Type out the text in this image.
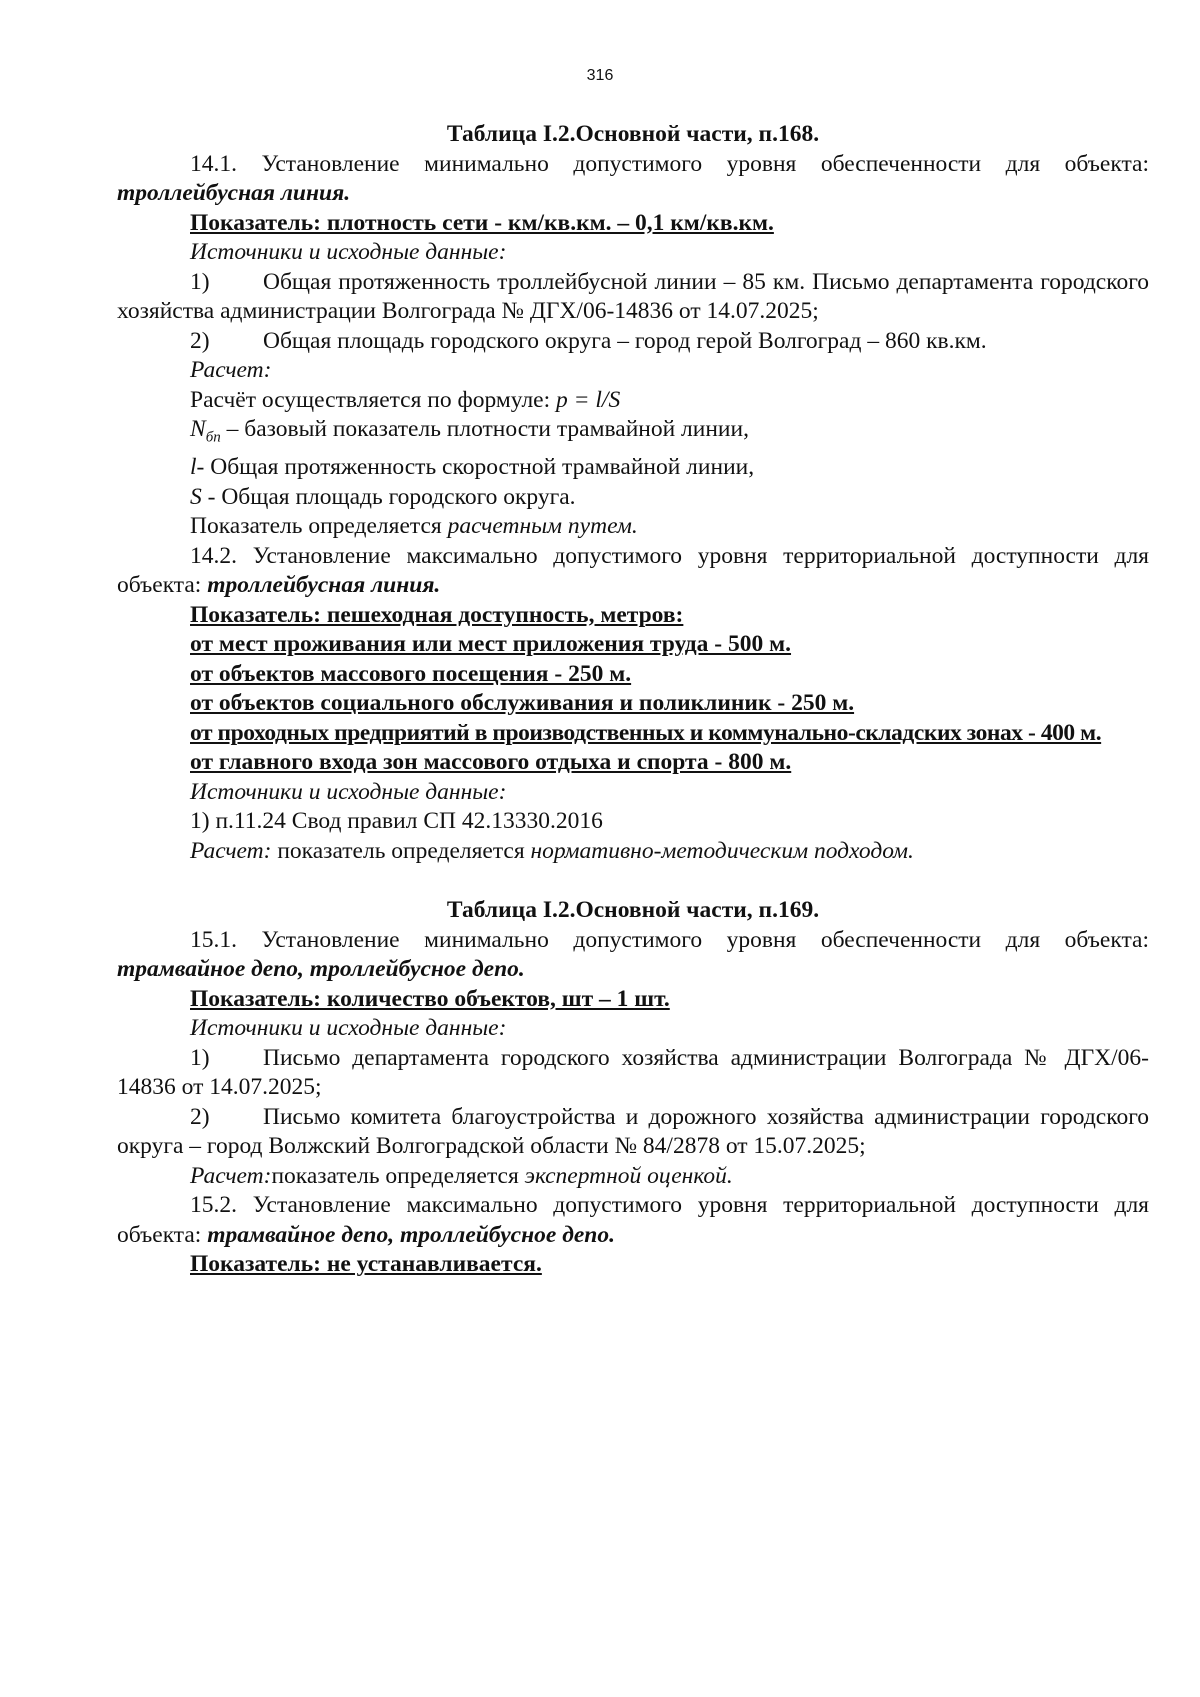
316

Таблица I.2.Основной части, п.168.

14.1. Установление минимально допустимого уровня обеспеченности для объекта: троллейбусная линия.

Показатель: плотность сети - км/кв.км. – 0,1 км/кв.км.

Источники и исходные данные:

1) Общая протяженность троллейбусной линии – 85 км. Письмо департамента городского хозяйства администрации Волгограда № ДГХ/06-14836 от 14.07.2025;

2) Общая площадь городского округа – город герой Волгоград – 860 кв.км.

Расчет:

Расчёт осуществляется по формуле: p = l/S

$N_{бп}$ – базовый показатель плотности трамвайной линии,

l- Общая протяженность скоростной трамвайной линии,

S - Общая площадь городского округа.

Показатель определяется расчетным путем.

14.2. Установление максимально допустимого уровня территориальной доступности для объекта: троллейбусная линия.

Показатель: пешеходная доступность, метров:

от мест проживания или мест приложения труда - 500 м.

от объектов массового посещения - 250 м.

от объектов социального обслуживания и поликлиник - 250 м.

от проходных предприятий в производственных и коммунально-складских зонах - 400 м.

от главного входа зон массового отдыха и спорта - 800 м.

Источники и исходные данные:

1) п.11.24 Свод правил СП 42.13330.2016

Расчет: показатель определяется нормативно-методическим подходом.

Таблица I.2.Основной части, п.169.

15.1. Установление минимально допустимого уровня обеспеченности для объекта: трамвайное депо, троллейбусное депо.

Показатель: количество объектов, шт – 1 шт.

Источники и исходные данные:

1) Письмо департамента городского хозяйства администрации Волгограда № ДГХ/06-14836 от 14.07.2025;

2) Письмо комитета благоустройства и дорожного хозяйства администрации городского округа – город Волжский Волгоградской области № 84/2878 от 15.07.2025;

Расчет:показатель определяется экспертной оценкой.

15.2. Установление максимально допустимого уровня территориальной доступности для объекта: трамвайное депо, троллейбусное депо.

Показатель: не устанавливается.
